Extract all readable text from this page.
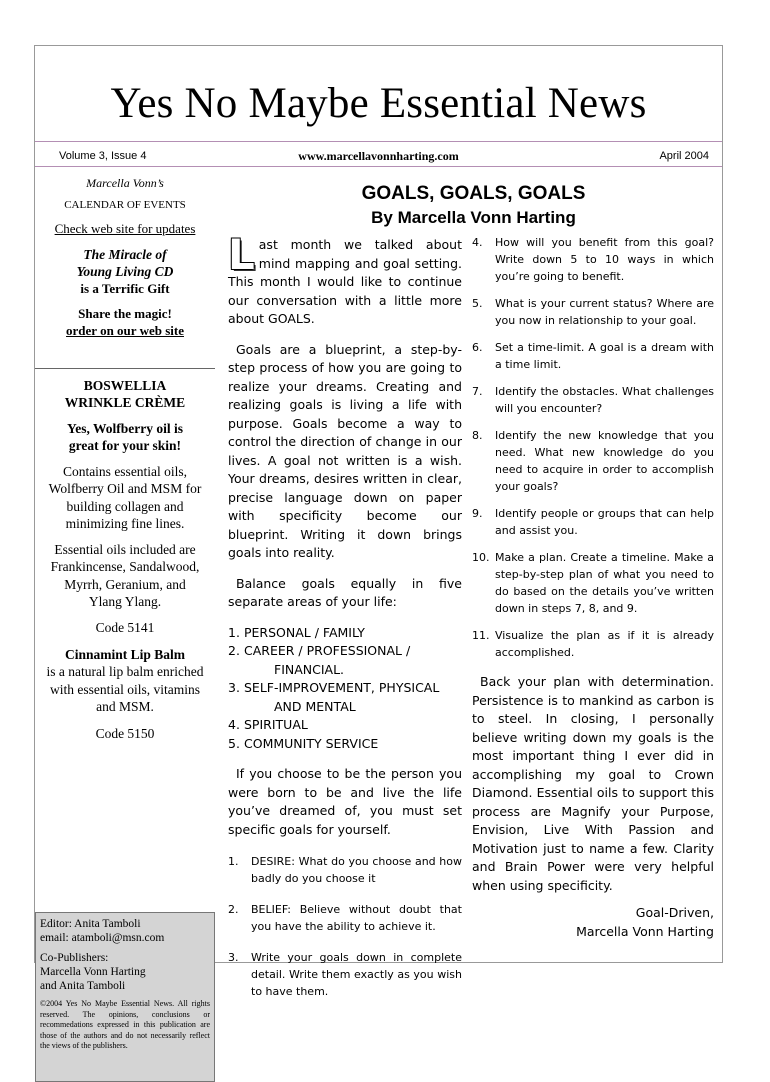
Yes No Maybe Essential News
Volume 3, Issue 4	www.marcellavonnharting.com	April 2004

Marcella Vonn’s

CALENDAR OF EVENTS

Check web site for updates

The Miracle of

Young Living CD

is a Terrific Gift

Share the magic!

order on our web site

BOSWELLIA

WRINKLE CRÈME

Yes, Wolfberry oil is

great for your skin!

Contains essential oils, Wolfberry Oil and MSM for building collagen and minimizing fine lines.

Essential oils included are Frankincense, Sandalwood, Myrrh, Geranium, and Ylang Ylang.

Code 5141

Cinnamint Lip Balm

is a natural lip balm enriched with essential oils, vitamins and MSM.

Code 5150

Editor: Anita Tamboli

email: atamboli@msn.com

Co-Publishers:

Marcella Vonn Harting

and Anita Tamboli

©2004 Yes No Maybe Essential News. All rights reserved. The opinions, conclusions or recommedations expressed in this publication are those of the authors and do not necessarily reflect the views of the publishers.

GOALS, GOALS, GOALS
By Marcella Vonn Harting

Last month we talked about mind mapping and goal setting. This month I would like to continue our conversation with a little more about GOALS.

Goals are a blueprint, a step-by-step process of how you are going to realize your dreams. Creating and realizing goals is living a life with purpose. Goals become a way to control the direction of change in our lives. A goal not written is a wish. Your dreams, desires written in clear, precise language down on paper with specificity become our blueprint. Writing it down brings goals into reality.

Balance goals equally in five separate areas of your life:

1. PERSONAL / FAMILY
2. CAREER / PROFESSIONAL /
FINANCIAL.
3. SELF-IMPROVEMENT, PHYSICAL
AND MENTAL
4. SPIRITUAL
5. COMMUNITY SERVICE

If you choose to be the person you were born to be and live the life you’ve dreamed of, you must set specific goals for yourself.

1. DESIRE: What do you choose and how badly do you choose it
2. BELIEF: Believe without doubt that you have the ability to achieve it.
3. Write your goals down in complete detail. Write them exactly as you wish to have them.
4. How will you benefit from this goal? Write down 5 to 10 ways in which you’re going to benefit.
5. What is your current status? Where are you now in relationship to your goal.
6. Set a time-limit. A goal is a dream with a time limit.
7. Identify the obstacles. What challenges will you encounter?
8. Identify the new knowledge that you need. What new knowledge do you need to acquire in order to accomplish your goals?
9. Identify people or groups that can help and assist you.
10. Make a plan. Create a timeline. Make a step-by-step plan of what you need to do based on the details you’ve written down in steps 7, 8, and 9.
11. Visualize the plan as if it is already accomplished.

Back your plan with determination. Persistence is to mankind as carbon is to steel. In closing, I personally believe writing down my goals is the most important thing I ever did in accomplishing my goal to Crown Diamond. Essential oils to support this process are Magnify your Purpose, Envision, Live With Passion and Motivation just to name a few. Clarity and Brain Power were very helpful when using specificity.

Goal-Driven,
Marcella Vonn Harting
